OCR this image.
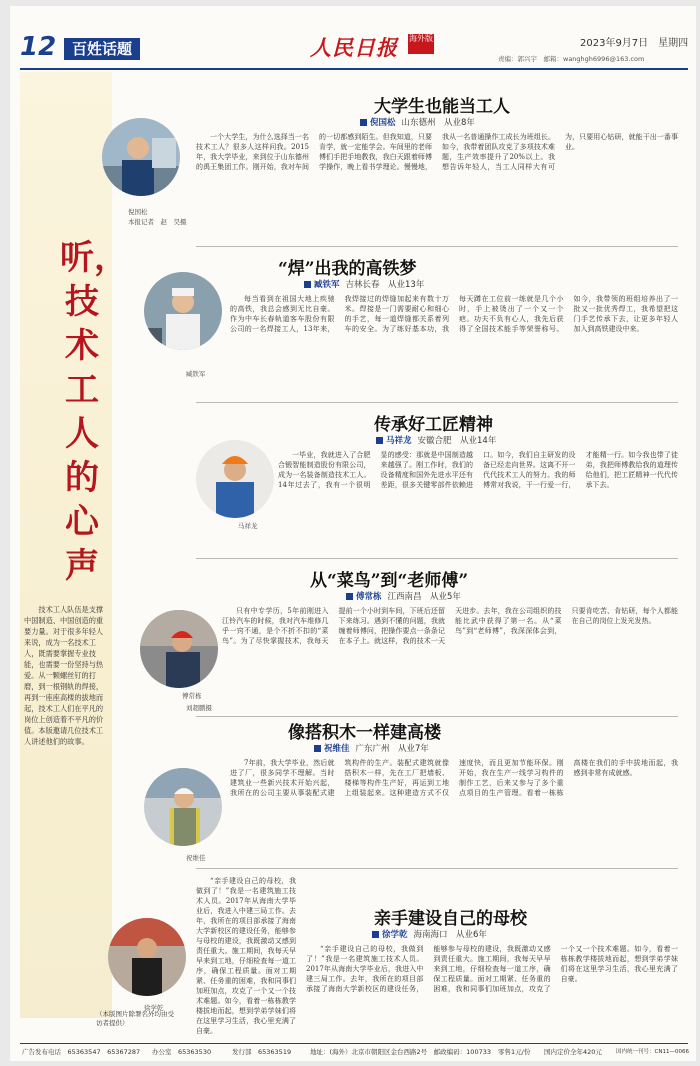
12	百姓话题	人民日报 海外版	2023年9月7日　星期四
责编：郭兴宇　邮箱：wanghgh6996@163.com
听，技术工人的心声
技术工人队伍是支撑中国制造、中国创造的重要力量。对于很多年轻人来说，成为一名技术工人，既需要掌握专业技能，也需要一份坚持与热爱。从一颗螺丝钉的打磨，到一根钢轨的焊接，再到一座座高楼的拔地而起，技术工人们在平凡的岗位上创造着不平凡的价值。本版邀请几位技术工人讲述他们的故事。
（本版图片除署名外均由受访者提供）
倪国松
本报记者　赵　昊摄
大学生也能当工人
倪国松 山东德州　从业8年
一个大学生，为什么选择当一名技术工人？很多人这样问我。2015年，我大学毕业，来到位于山东德州的禹王集团工作。刚开始，我对车间的一切都感到陌生。但我知道，只要肯学，就一定能学会。车间里的老师傅们手把手地教我，我白天跟着师傅学操作，晚上看书学理论。慢慢地，我从一名普通操作工成长为班组长。如今，我带着团队攻克了多项技术难题，生产效率提升了20%以上。我想告诉年轻人，当工人同样大有可为，只要用心钻研，就能干出一番事业。
臧铁军
“焊”出我的高铁梦
臧铁军 吉林长春　从业13年
每当看到在祖国大地上疾驰的高铁，我总会感到无比自豪。作为中车长春轨道客车股份有限公司的一名焊接工人，13年来，我焊接过的焊缝加起来有数十万米。焊接是一门需要耐心和细心的手艺，每一道焊缝都关系着列车的安全。为了练好基本功，我每天蹲在工位前一练就是几个小时，手上被烫出了一个又一个疤。功夫不负有心人，我先后获得了全国技术能手等荣誉称号。如今，我带领的班组培养出了一批又一批优秀焊工，我希望把这门手艺传承下去，让更多年轻人加入到高铁建设中来。
马祥龙
传承好工匠精神
马祥龙 安徽合肥　从业14年
一毕业，我就进入了合肥合锻智能制造股份有限公司，成为一名装备制造技术工人。14年过去了，我有一个很明显的感受：那就是中国制造越来越强了。刚工作时，我们的设备精度和国外先进水平还有差距，很多关键零部件依赖进口。如今，我们自主研发的设备已经走向世界。这离不开一代代技术工人的努力。我的师傅常对我说，干一行爱一行，才能精一行。如今我也带了徒弟，我把师傅教给我的道理传给他们，把工匠精神一代代传承下去。
傅常栋
刘超鹏摄
从“菜鸟”到“老师傅”
傅常栋 江西南昌　从业5年
只有中专学历，5年前刚进入江铃汽车的时候，我对汽车维修几乎一窍不通，是个不折不扣的“菜鸟”。为了尽快掌握技术，我每天提前一个小时到车间，下班后还留下来练习。遇到不懂的问题，我就缠着师傅问，把操作要点一条条记在本子上。就这样，我的技术一天天进步。去年，我在公司组织的技能比武中获得了第一名。从“菜鸟”到“老师傅”，我深深体会到，只要肯吃苦、肯钻研，每个人都能在自己的岗位上发光发热。
祝维佳
像搭积木一样建高楼
祝维佳 广东广州　从业7年
7年前，我大学毕业，然后就进了厂，很多同学不理解。当时建筑业一些新兴技术开始兴起，我所在的公司主要从事装配式建筑构件的生产。装配式建筑就像搭积木一样，先在工厂把墙板、楼梯等构件生产好，再运到工地上组装起来。这种建造方式不仅速度快，而且更加节能环保。刚开始，我在生产一线学习构件的制作工艺，后来又参与了多个重点项目的生产管理。看着一栋栋高楼在我们的手中拔地而起，我感到非常有成就感。
徐学乾
亲手建设自己的母校
徐学乾 海南海口　从业6年
“亲手建设自己的母校，我做到了！”我是一名建筑施工技术人员。2017年从海南大学毕业后，我进入中建三局工作。去年，我所在的项目部承接了海南大学新校区的建设任务，能够参与母校的建设，我既激动又感到责任重大。施工期间，我每天早早来到工地，仔细检查每一道工序，确保工程质量。面对工期紧、任务重的困难，我和同事们加班加点，攻克了一个又一个技术难题。如今，看着一栋栋教学楼拔地而起，想到学弟学妹们将在这里学习生活，我心里充满了自豪。
“亲手建设自己的母校，我做到了！”我是一名建筑施工技术人员。2017年从海南大学毕业后，我进入中建三局工作。去年，我所在的项目部承接了海南大学新校区的建设任务，能够参与母校的建设，我既激动又感到责任重大。施工期间，我每天早早来到工地，仔细检查每一道工序，确保工程质量。面对工期紧、任务重的困难，我和同事们加班加点，攻克了一个又一个技术难题。如今，看着一栋栋教学楼拔地而起，想到学弟学妹们将在这里学习生活，我心里充满了自豪。
广告发布电话　65363547　65367287 办公室　65363530	发行部　65363519	地址：(海外）北京市朝阳区金台西路2号　邮政编码：100733 零售1元/份 国内定价全年420元	国内统一刊号：CN11—0066
